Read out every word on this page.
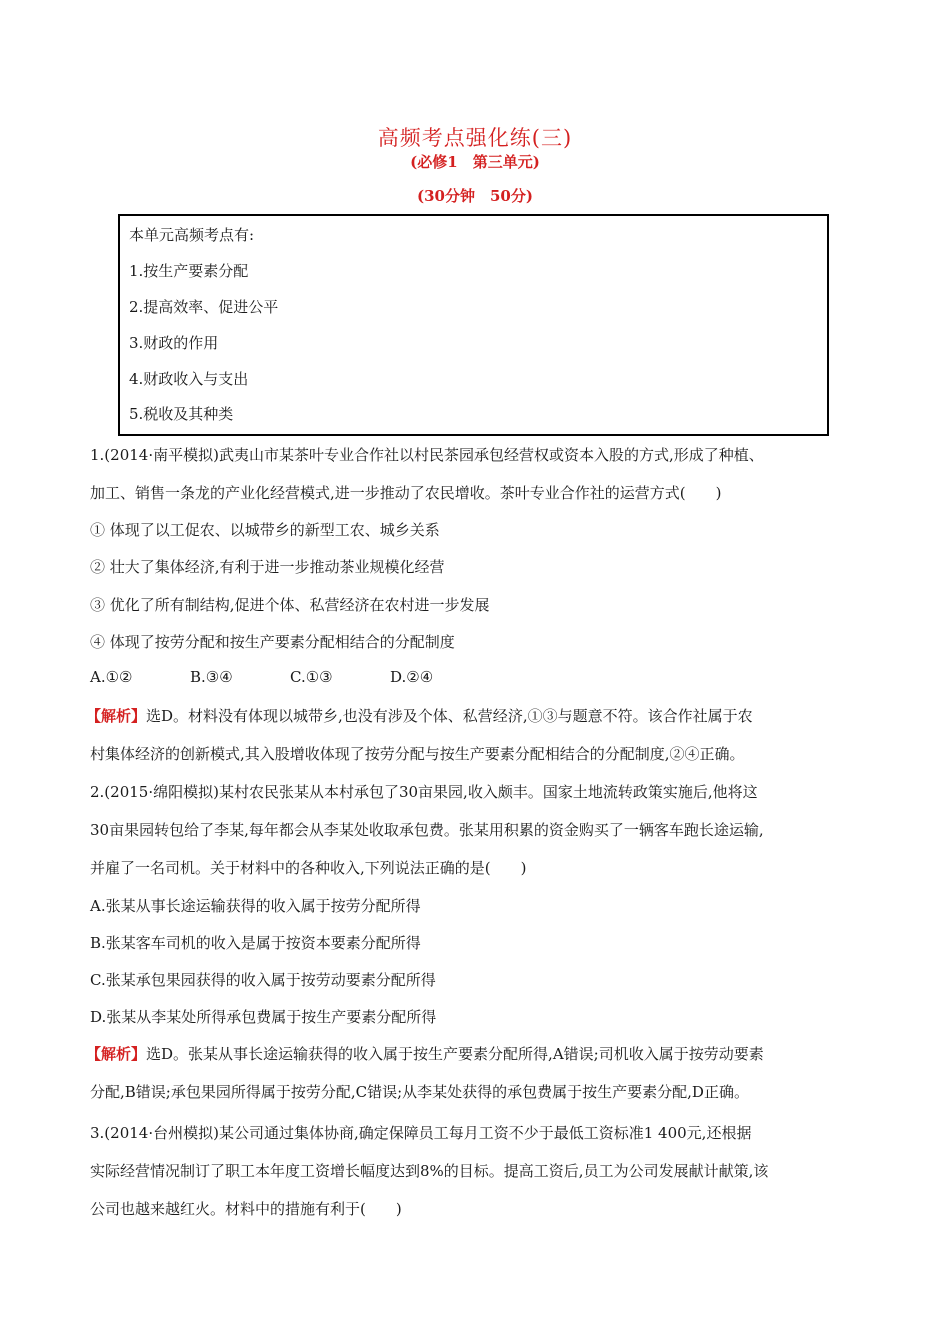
高频考点强化练(三)
(必修1　第三单元)
(30分钟　50分)
本单元高频考点有:
1.按生产要素分配
2.提高效率、促进公平
3.财政的作用
4.财政收入与支出
5.税收及其种类
1.(2014·南平模拟)武夷山市某茶叶专业合作社以村民茶园承包经营权或资本入股的方式,形成了种植、
加工、销售一条龙的产业化经营模式,进一步推动了农民增收。茶叶专业合作社的运营方式(　　)
① 体现了以工促农、以城带乡的新型工农、城乡关系
② 壮大了集体经济,有利于进一步推动茶业规模化经营
③ 优化了所有制结构,促进个体、私营经济在农村进一步发展
④ 体现了按劳分配和按生产要素分配相结合的分配制度
A.①②	B.③④	C.①③	D.②④
【解析】选D。材料没有体现以城带乡,也没有涉及个体、私营经济,①③与题意不符。该合作社属于农
村集体经济的创新模式,其入股增收体现了按劳分配与按生产要素分配相结合的分配制度,②④正确。
2.(2015·绵阳模拟)某村农民张某从本村承包了30亩果园,收入颇丰。国家土地流转政策实施后,他将这
30亩果园转包给了李某,每年都会从李某处收取承包费。张某用积累的资金购买了一辆客车跑长途运输,
并雇了一名司机。关于材料中的各种收入,下列说法正确的是(　　)
A.张某从事长途运输获得的收入属于按劳分配所得
B.张某客车司机的收入是属于按资本要素分配所得
C.张某承包果园获得的收入属于按劳动要素分配所得
D.张某从李某处所得承包费属于按生产要素分配所得
【解析】选D。张某从事长途运输获得的收入属于按生产要素分配所得,A错误;司机收入属于按劳动要素
分配,B错误;承包果园所得属于按劳分配,C错误;从李某处获得的承包费属于按生产要素分配,D正确。
3.(2014·台州模拟)某公司通过集体协商,确定保障员工每月工资不少于最低工资标准1 400元,还根据
实际经营情况制订了职工本年度工资增长幅度达到8%的目标。提高工资后,员工为公司发展献计献策,该
公司也越来越红火。材料中的措施有利于(　　)
